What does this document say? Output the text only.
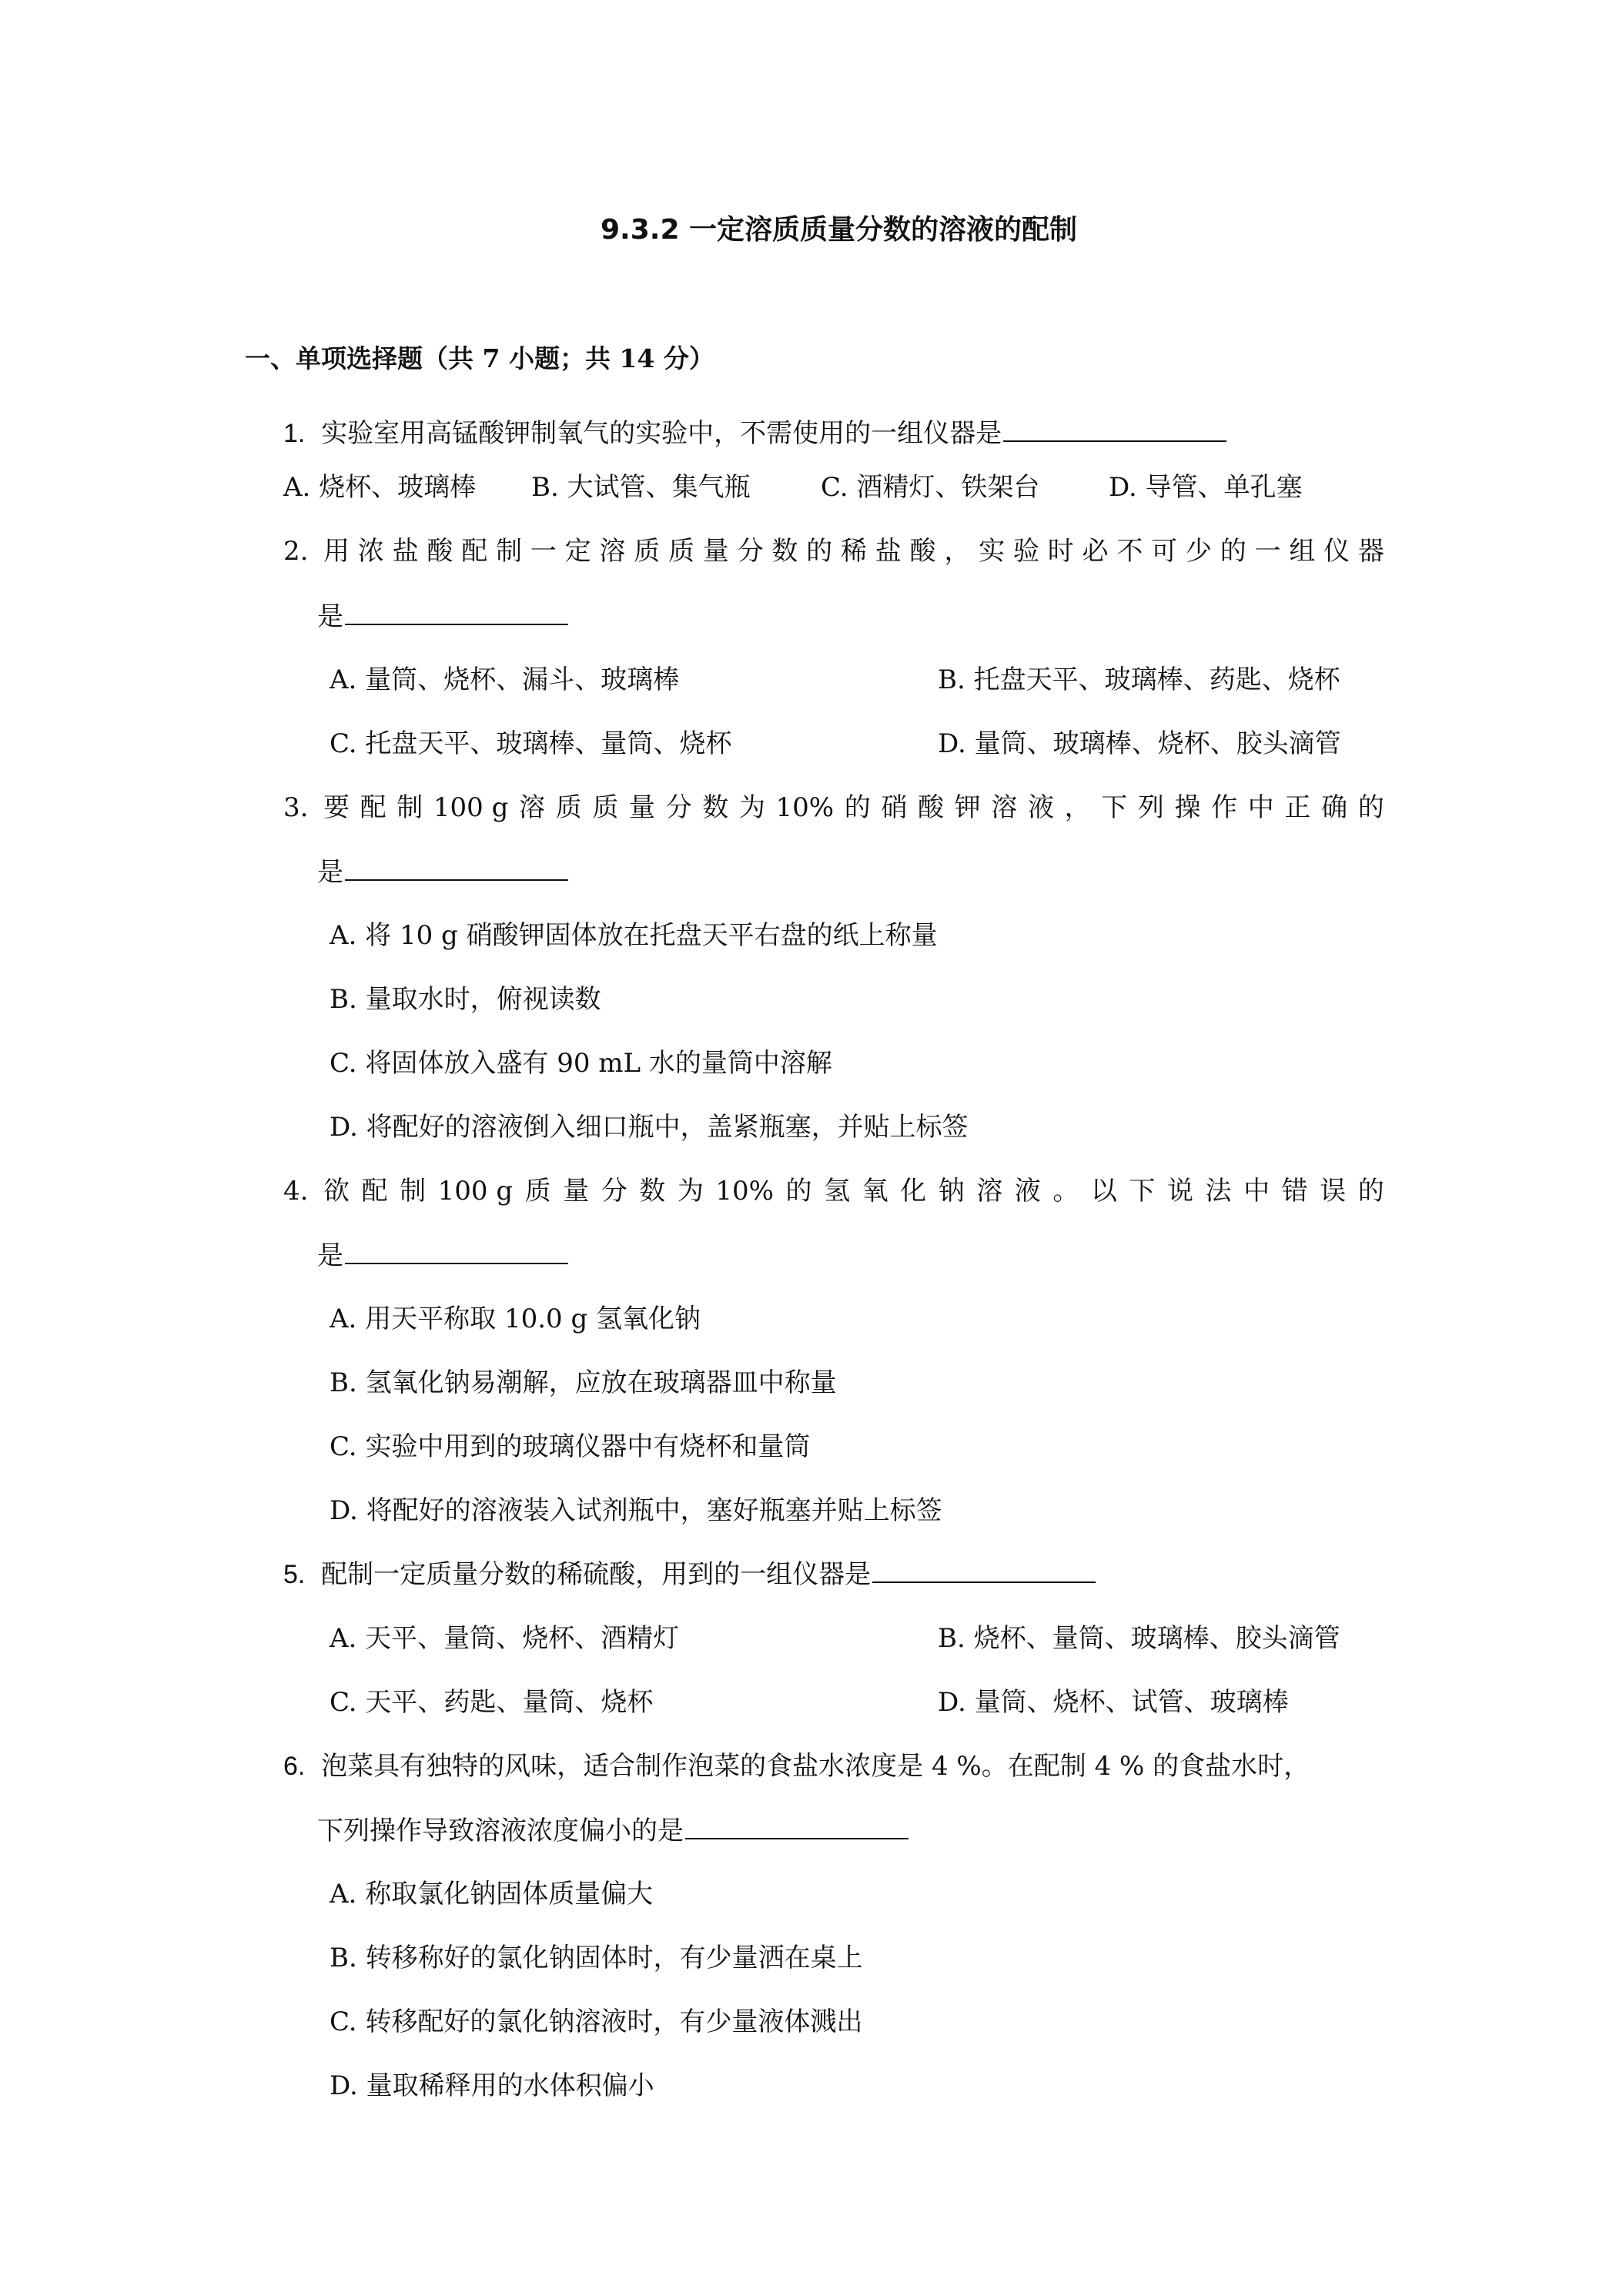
9.3.2 一定溶质质量分数的溶液的配制
一、单项选择题（共 7 小题；共 14 分）
1. 实验室用高锰酸钾制氧气的实验中，不需使用的一组仪器是
A. 烧杯、玻璃棒 B. 大试管、集气瓶	C. 酒精灯、铁架台	D. 导管、单孔塞
2. 用 浓 盐 酸 配 制 一 定 溶 质 质 量 分 数 的 稀 盐 酸 ， 实 验 时 必 不 可 少 的 一 组 仪 器
是
A. 量筒、烧杯、漏斗、玻璃棒	B. 托盘天平、玻璃棒、药匙、烧杯
C. 托盘天平、玻璃棒、量筒、烧杯	D. 量筒、玻璃棒、烧杯、胶头滴管
3. 要 配 制 100 g 溶 质 质 量 分 数 为 10% 的 硝 酸 钾 溶 液 ， 下 列 操 作 中 正 确 的
是
A. 将 10 g 硝酸钾固体放在托盘天平右盘的纸上称量
B. 量取水时，俯视读数
C. 将固体放入盛有 90 mL 水的量筒中溶解
D. 将配好的溶液倒入细口瓶中，盖紧瓶塞，并贴上标签
4. 欲 配 制 100 g 质 量 分 数 为 10% 的 氢 氧 化 钠 溶 液 。 以 下 说 法 中 错 误 的
是
A. 用天平称取 10.0 g 氢氧化钠
B. 氢氧化钠易潮解，应放在玻璃器皿中称量
C. 实验中用到的玻璃仪器中有烧杯和量筒
D. 将配好的溶液装入试剂瓶中，塞好瓶塞并贴上标签
5. 配制一定质量分数的稀硫酸，用到的一组仪器是
A. 天平、量筒、烧杯、酒精灯	B. 烧杯、量筒、玻璃棒、胶头滴管
C. 天平、药匙、量筒、烧杯	D. 量筒、烧杯、试管、玻璃棒
6. 泡菜具有独特的风味，适合制作泡菜的食盐水浓度是 4 %。在配制 4 % 的食盐水时，
下列操作导致溶液浓度偏小的是
A. 称取氯化钠固体质量偏大
B. 转移称好的氯化钠固体时，有少量洒在桌上
C. 转移配好的氯化钠溶液时，有少量液体溅出
D. 量取稀释用的水体积偏小
